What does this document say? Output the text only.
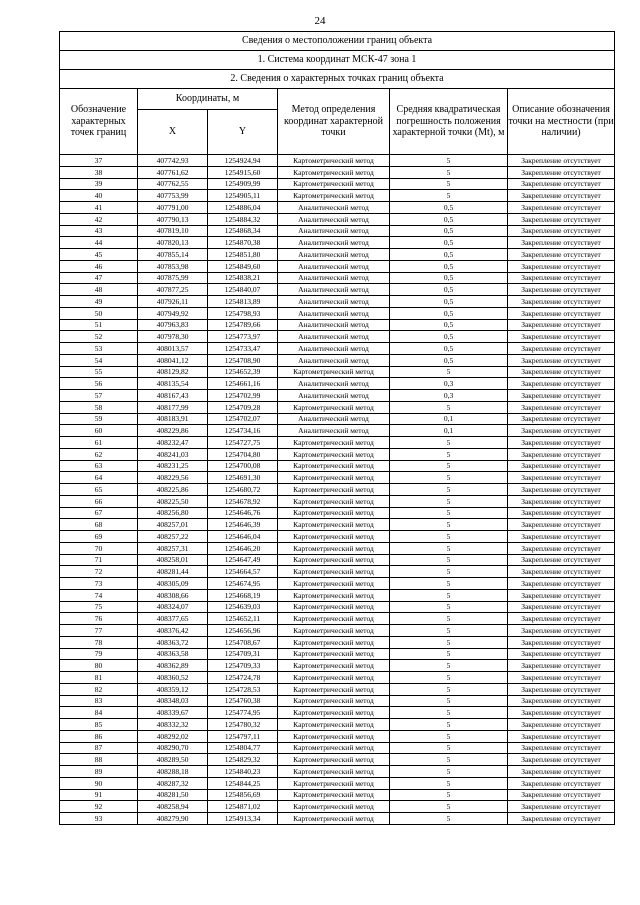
24
Сведения о местоположении границ объекта					
1. Система координат МСК-47 зона 1					
2. Сведения о характерных точках границ объекта					
Обозначение характерных точек границ	Координаты, м		Метод определения координат характерной точки	Средняя квадратическая погрешность положения характерной точки (Mt), м	Описание обозначения точки на местности (при наличии)
	X	Y			
37	407742,93	1254924,94	Картометрический метод	5	Закрепление отсутствует
38	407761,62	1254915,60	Картометрический метод	5	Закрепление отсутствует
39	407762,55	1254909,99	Картометрический метод	5	Закрепление отсутствует
40	407753,99	1254905,11	Картометрический метод	5	Закрепление отсутствует
41	407791,00	1254886,04	Аналитический метод	0,5	Закрепление отсутствует
42	407790,13	1254884,32	Аналитический метод	0,5	Закрепление отсутствует
43	407819,10	1254868,34	Аналитический метод	0,5	Закрепление отсутствует
44	407820,13	1254870,38	Аналитический метод	0,5	Закрепление отсутствует
45	407855,14	1254851,80	Аналитический метод	0,5	Закрепление отсутствует
46	407853,98	1254849,60	Аналитический метод	0,5	Закрепление отсутствует
47	407875,99	1254838,21	Аналитический метод	0,5	Закрепление отсутствует
48	407877,25	1254840,07	Аналитический метод	0,5	Закрепление отсутствует
49	407926,11	1254813,89	Аналитический метод	0,5	Закрепление отсутствует
50	407949,92	1254798,93	Аналитический метод	0,5	Закрепление отсутствует
51	407963,83	1254789,66	Аналитический метод	0,5	Закрепление отсутствует
52	407978,30	1254773,97	Аналитический метод	0,5	Закрепление отсутствует
53	408013,57	1254733,47	Аналитический метод	0,5	Закрепление отсутствует
54	408041,12	1254708,90	Аналитический метод	0,5	Закрепление отсутствует
55	408129,82	1254652,39	Картометрический метод	5	Закрепление отсутствует
56	408135,54	1254661,16	Аналитический метод	0,3	Закрепление отсутствует
57	408167,43	1254702,99	Аналитический метод	0,3	Закрепление отсутствует
58	408177,99	1254709,28	Картометрический метод	5	Закрепление отсутствует
59	408183,91	1254702,07	Аналитический метод	0,1	Закрепление отсутствует
60	408229,86	1254734,16	Аналитический метод	0,1	Закрепление отсутствует
61	408232,47	1254727,75	Картометрический метод	5	Закрепление отсутствует
62	408241,03	1254704,80	Картометрический метод	5	Закрепление отсутствует
63	408231,25	1254700,08	Картометрический метод	5	Закрепление отсутствует
64	408229,56	1254691,30	Картометрический метод	5	Закрепление отсутствует
65	408225,86	1254680,72	Картометрический метод	5	Закрепление отсутствует
66	408225,50	1254678,92	Картометрический метод	5	Закрепление отсутствует
67	408256,80	1254646,76	Картометрический метод	5	Закрепление отсутствует
68	408257,01	1254646,39	Картометрический метод	5	Закрепление отсутствует
69	408257,22	1254646,04	Картометрический метод	5	Закрепление отсутствует
70	408257,31	1254646,20	Картометрический метод	5	Закрепление отсутствует
71	408258,01	1254647,49	Картометрический метод	5	Закрепление отсутствует
72	408281,44	1254664,57	Картометрический метод	5	Закрепление отсутствует
73	408305,09	1254674,95	Картометрический метод	5	Закрепление отсутствует
74	408308,66	1254668,19	Картометрический метод	5	Закрепление отсутствует
75	408324,07	1254639,03	Картометрический метод	5	Закрепление отсутствует
76	408377,65	1254652,11	Картометрический метод	5	Закрепление отсутствует
77	408376,42	1254656,96	Картометрический метод	5	Закрепление отсутствует
78	408363,72	1254708,67	Картометрический метод	5	Закрепление отсутствует
79	408363,58	1254709,31	Картометрический метод	5	Закрепление отсутствует
80	408362,89	1254709,33	Картометрический метод	5	Закрепление отсутствует
81	408360,52	1254724,78	Картометрический метод	5	Закрепление отсутствует
82	408359,12	1254728,53	Картометрический метод	5	Закрепление отсутствует
83	408348,03	1254760,38	Картометрический метод	5	Закрепление отсутствует
84	408339,67	1254774,95	Картометрический метод	5	Закрепление отсутствует
85	408332,32	1254780,32	Картометрический метод	5	Закрепление отсутствует
86	408292,02	1254797,11	Картометрический метод	5	Закрепление отсутствует
87	408290,70	1254804,77	Картометрический метод	5	Закрепление отсутствует
88	408289,50	1254829,32	Картометрический метод	5	Закрепление отсутствует
89	408288,18	1254840,23	Картометрический метод	5	Закрепление отсутствует
90	408287,32	1254844,25	Картометрический метод	5	Закрепление отсутствует
91	408281,50	1254856,69	Картометрический метод	5	Закрепление отсутствует
92	408258,94	1254871,02	Картометрический метод	5	Закрепление отсутствует
93	408279,90	1254913,34	Картометрический метод	5	Закрепление отсутствует
